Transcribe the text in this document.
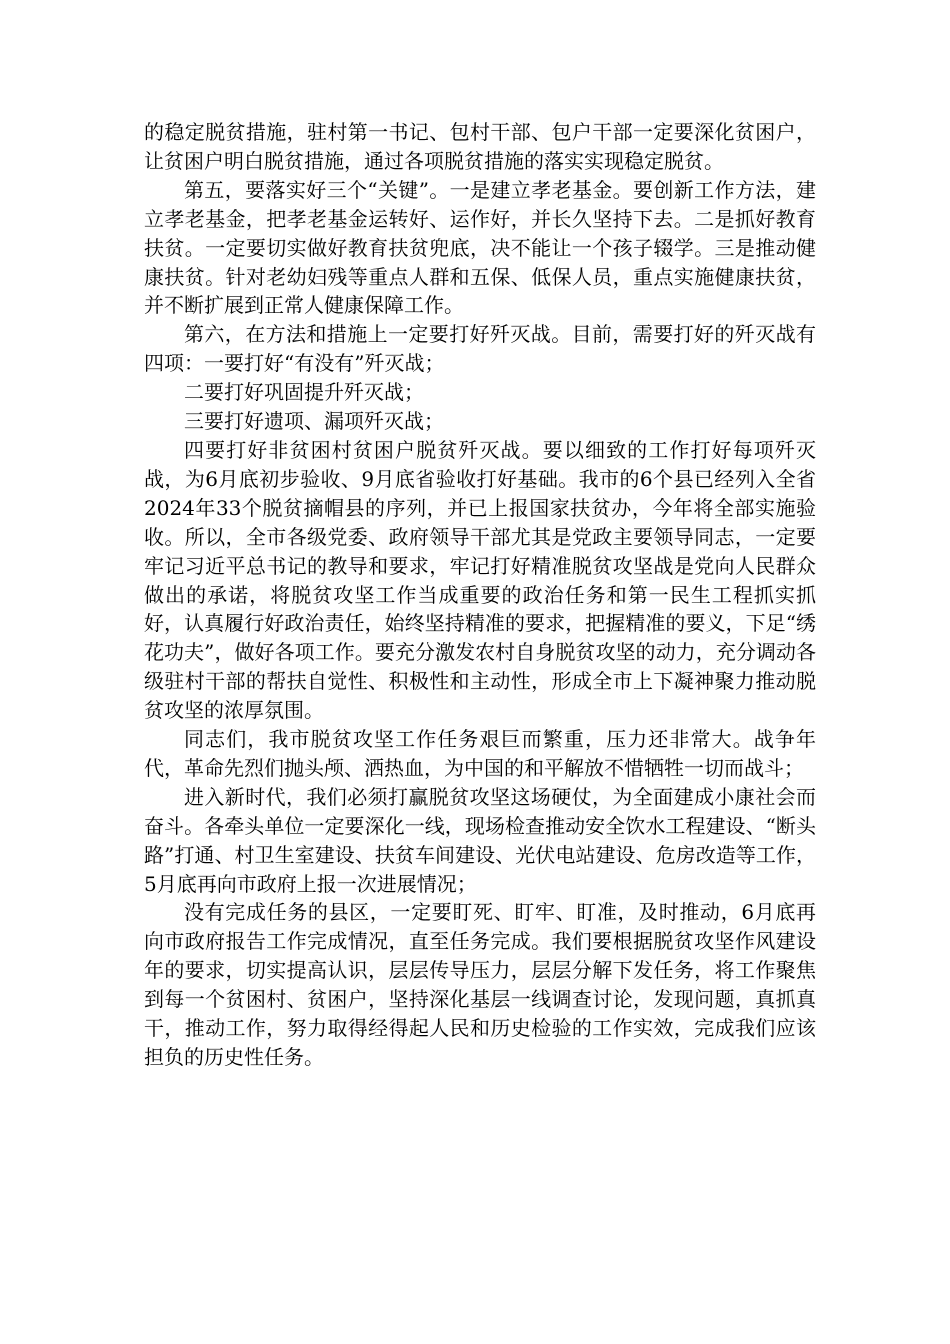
的稳定脱贫措施，驻村第一书记、包村干部、包户干部一定要深化贫困户，让贫困户明白脱贫措施，通过各项脱贫措施的落实实现稳定脱贫。

第五，要落实好三个“关键”。一是建立孝老基金。要创新工作方法，建立孝老基金，把孝老基金运转好、运作好，并长久坚持下去。二是抓好教育扶贫。一定要切实做好教育扶贫兜底，决不能让一个孩子辍学。三是推动健康扶贫。针对老幼妇残等重点人群和五保、低保人员，重点实施健康扶贫，并不断扩展到正常人健康保障工作。

第六，在方法和措施上一定要打好歼灭战。目前，需要打好的歼灭战有四项：一要打好“有没有”歼灭战；

二要打好巩固提升歼灭战；

三要打好遗项、漏项歼灭战；

四要打好非贫困村贫困户脱贫歼灭战。要以细致的工作打好每项歼灭战，为6月底初步验收、9月底省验收打好基础。我市的6个县已经列入全省2024年33个脱贫摘帽县的序列，并已上报国家扶贫办，今年将全部实施验收。所以，全市各级党委、政府领导干部尤其是党政主要领导同志，一定要牢记习近平总书记的教导和要求，牢记打好精准脱贫攻坚战是党向人民群众做出的承诺，将脱贫攻坚工作当成重要的政治任务和第一民生工程抓实抓好，认真履行好政治责任，始终坚持精准的要求，把握精准的要义，下足“绣花功夫”，做好各项工作。要充分激发农村自身脱贫攻坚的动力，充分调动各级驻村干部的帮扶自觉性、积极性和主动性，形成全市上下凝神聚力推动脱贫攻坚的浓厚氛围。

同志们，我市脱贫攻坚工作任务艰巨而繁重，压力还非常大。战争年代，革命先烈们抛头颅、洒热血，为中国的和平解放不惜牺牲一切而战斗；

进入新时代，我们必须打赢脱贫攻坚这场硬仗，为全面建成小康社会而奋斗。各牵头单位一定要深化一线，现场检查推动安全饮水工程建设、“断头路”打通、村卫生室建设、扶贫车间建设、光伏电站建设、危房改造等工作，5月底再向市政府上报一次进展情况；

没有完成任务的县区，一定要盯死、盯牢、盯准，及时推动，6月底再向市政府报告工作完成情况，直至任务完成。我们要根据脱贫攻坚作风建设年的要求，切实提高认识，层层传导压力，层层分解下发任务，将工作聚焦到每一个贫困村、贫困户，坚持深化基层一线调查讨论，发现问题，真抓真干，推动工作，努力取得经得起人民和历史检验的工作实效，完成我们应该担负的历史性任务。
